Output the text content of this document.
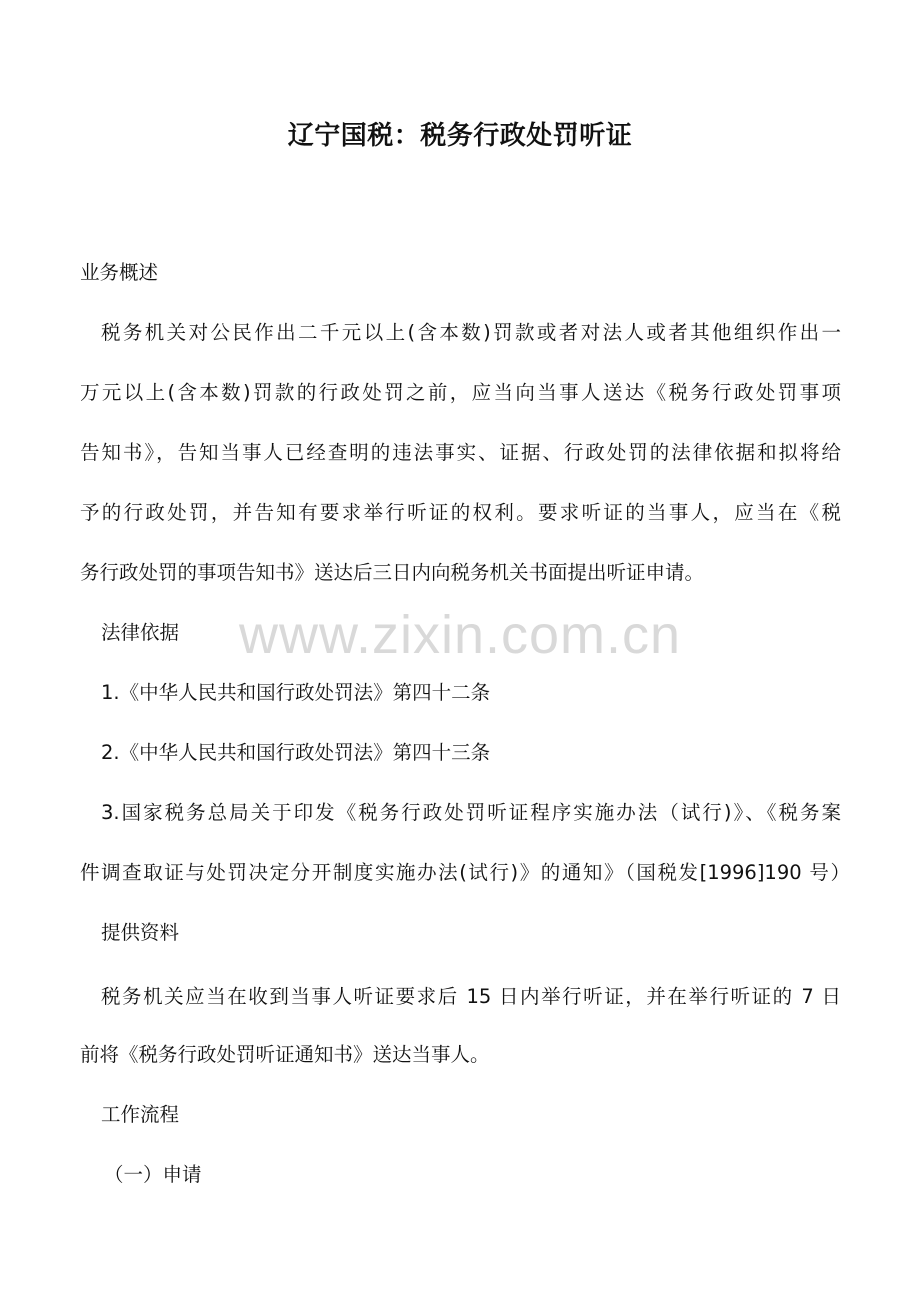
辽宁国税：税务行政处罚听证
www.zixin.com.cn
业务概述
税务机关对公民作出二千元以上(含本数)罚款或者对法人或者其他组织作出一
万元以上(含本数)罚款的行政处罚之前，应当向当事人送达《税务行政处罚事项
告知书》，告知当事人已经查明的违法事实、证据、行政处罚的法律依据和拟将给
予的行政处罚，并告知有要求举行听证的权利。要求听证的当事人，应当在《税
务行政处罚的事项告知书》送达后三日内向税务机关书面提出听证申请。
法律依据
1.《中华人民共和国行政处罚法》第四十二条
2.《中华人民共和国行政处罚法》第四十三条
3.国家税务总局关于印发《税务行政处罚听证程序实施办法（试行)》、《税务案
件调查取证与处罚决定分开制度实施办法(试行)》的通知》（国税发[1996]190 号）
提供资料
税务机关应当在收到当事人听证要求后 15 日内举行听证，并在举行听证的 7 日
前将《税务行政处罚听证通知书》送达当事人。
工作流程
（一）申请
